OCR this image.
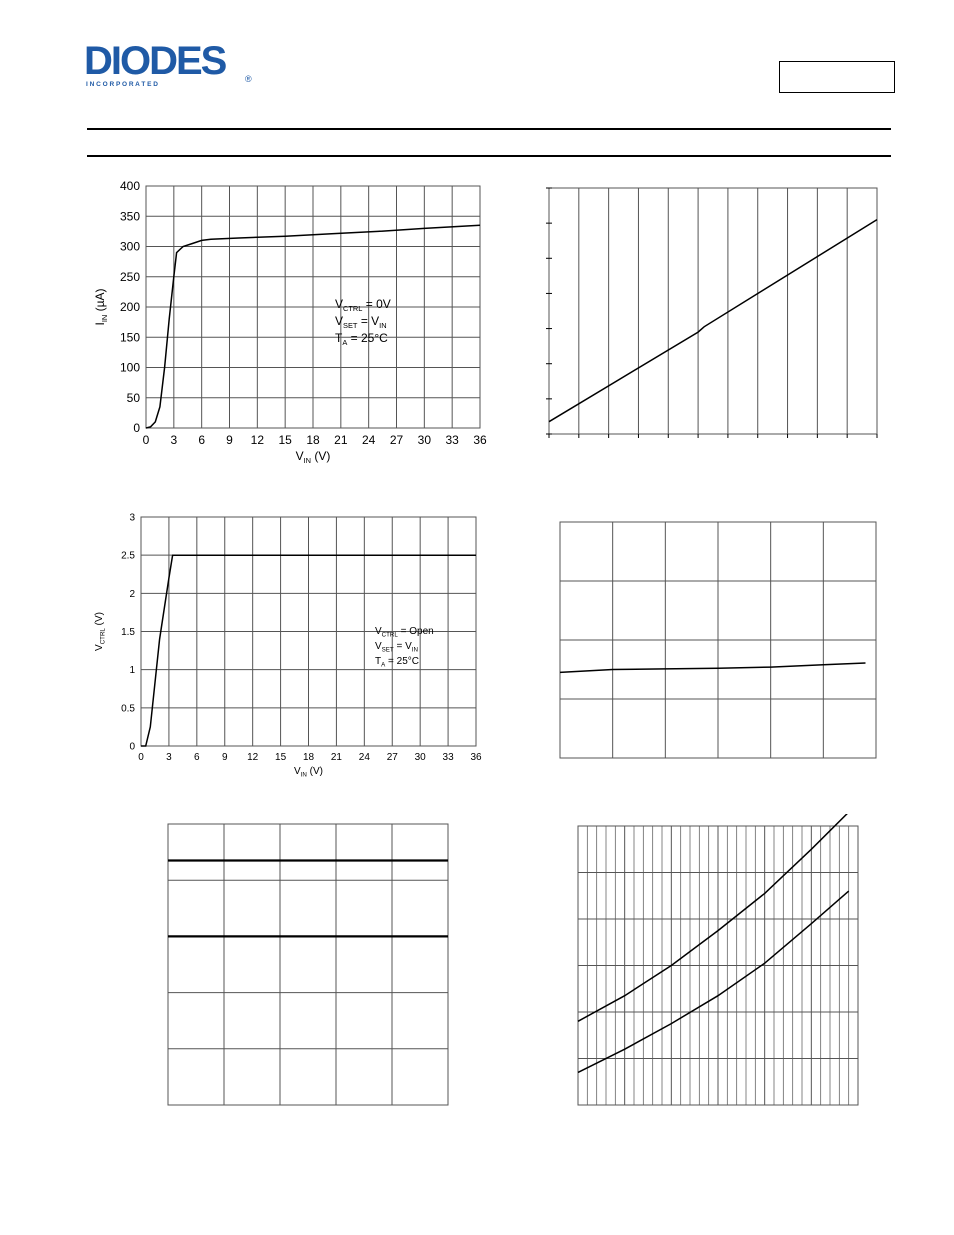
DIODES
I N C O R P O R A T E D
®
0 3 6 9 12 15 18 21 24 27 30 33 36
0
50
100
150
200
250
300
350
400
$V_{IN}$ (V)
$I_{IN}$ (µA)	$V_{CTRL} = 0V$
$V_{SET} = V_{IN}$
$T_A = 25^\circ C$
0 3 6 9 12 15 18 21 24 27 30 33 36
0
0.5
1
1.5
2
2.5
3
$V_{IN}$ (V)
$V_{CTRL}$ (V)
$V_{CTRL}$ = Open
$V_{SET} = V_{IN}$
$T_A = 25^\circ C$
